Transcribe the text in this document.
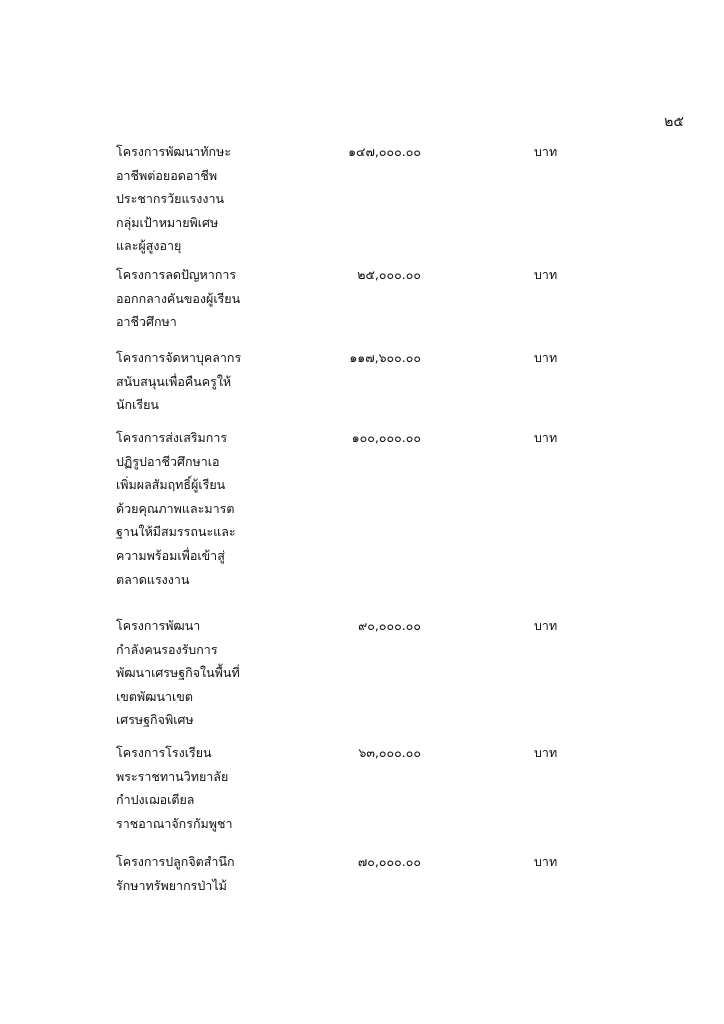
๒๕
โครงการพัฒนาทักษะ
อาชีพต่อยอดอาชีพ
ประชากรวัยแรงงาน
กลุ่มเป้าหมายพิเศษ
และผู้สูงอายุ
๑๔๗,๐๐๐.๐๐	บาท
โครงการลดปัญหาการ
ออกกลางคันของผู้เรียน
อาชีวศึกษา
๒๕,๐๐๐.๐๐	บาท
โครงการจัดหาบุคลากร
สนับสนุนเพื่อคืนครูให้
นักเรียน
๑๑๗,๖๐๐.๐๐	บาท
โครงการส่งเสริมการ
ปฏิรูปอาชีวศึกษาเอ
เพิ่มผลสัมฤทธิ์ผู้เรียน
ด้วยคุณภาพและมารต
ฐานให้มีสมรรถนะและ
ความพร้อมเพื่อเข้าสู่
ตลาดแรงงาน
๑๐๐,๐๐๐.๐๐	บาท
โครงการพัฒนา
กำลังคนรองรับการ
พัฒนาเศรษฐกิจในพื้นที่
เขตพัฒนาเขต
เศรษฐกิจพิเศษ
๙๐,๐๐๐.๐๐	บาท
โครงการโรงเรียน
พระราชทานวิทยาลัย
กำปงเฌอเตียล
ราชอาณาจักรกัมพูชา
๖๓,๐๐๐.๐๐	บาท
โครงการปลูกจิตสำนึก
รักษาทรัพยากรป่าไม้
๗๐,๐๐๐.๐๐	บาท
